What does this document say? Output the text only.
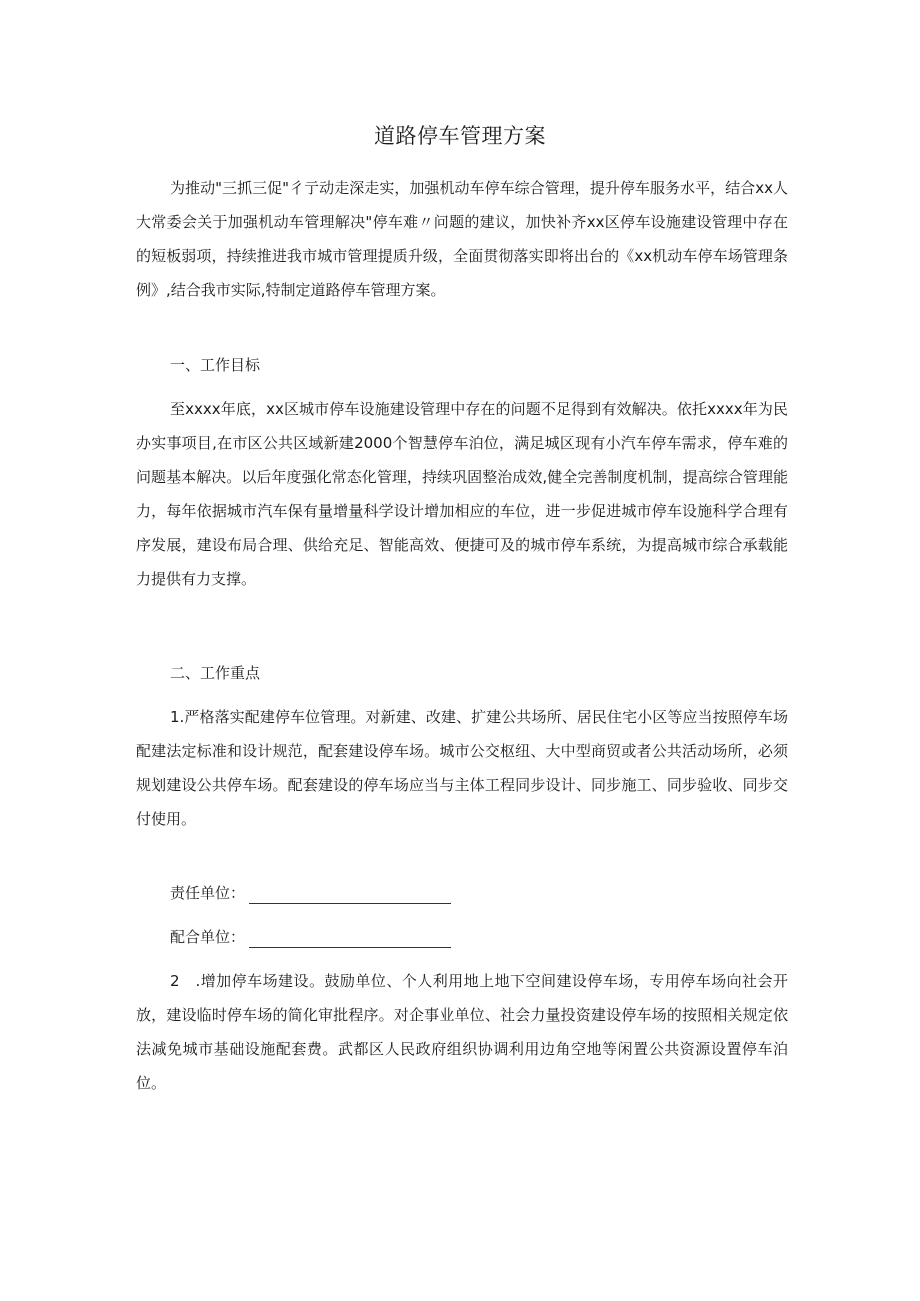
道路停车管理方案

为推动"三抓三促"彳亍动走深走实，加强机动车停车综合管理，提升停车服务水平，结合xx人大常委会关于加强机动车管理解决"停车难〃问题的建议，加快补齐xx区停车设施建设管理中存在的短板弱项，持续推进我市城市管理提质升级，全面贯彻落实即将出台的《xx机动车停车场管理条例》,结合我市实际,特制定道路停车管理方案。

一、工作目标

至xxxx年底，xx区城市停车设施建设管理中存在的问题不足得到有效解决。依托xxxx年为民办实事项目,在市区公共区域新建2000个智慧停车泊位，满足城区现有小汽车停车需求，停车难的问题基本解决。以后年度强化常态化管理，持续巩固整治成效,健全完善制度机制，提高综合管理能力，每年依据城市汽车保有量增量科学设计增加相应的车位，进一步促进城市停车设施科学合理有序发展，建设布局合理、供给充足、智能高效、便捷可及的城市停车系统，为提高城市综合承载能力提供有力支撑。

二、工作重点

1.严格落实配建停车位管理。对新建、改建、扩建公共场所、居民住宅小区等应当按照停车场配建法定标准和设计规范，配套建设停车场。城市公交枢纽、大中型商贸或者公共活动场所，必须规划建设公共停车场。配套建设的停车场应当与主体工程同步设计、同步施工、同步验收、同步交付使用。

责任单位：
配合单位：

2　.增加停车场建设。鼓励单位、个人利用地上地下空间建设停车场，专用停车场向社会开放，建设临时停车场的简化审批程序。对企事业单位、社会力量投资建设停车场的按照相关规定依法减免城市基础设施配套费。武都区人民政府组织协调利用边角空地等闲置公共资源设置停车泊位。
